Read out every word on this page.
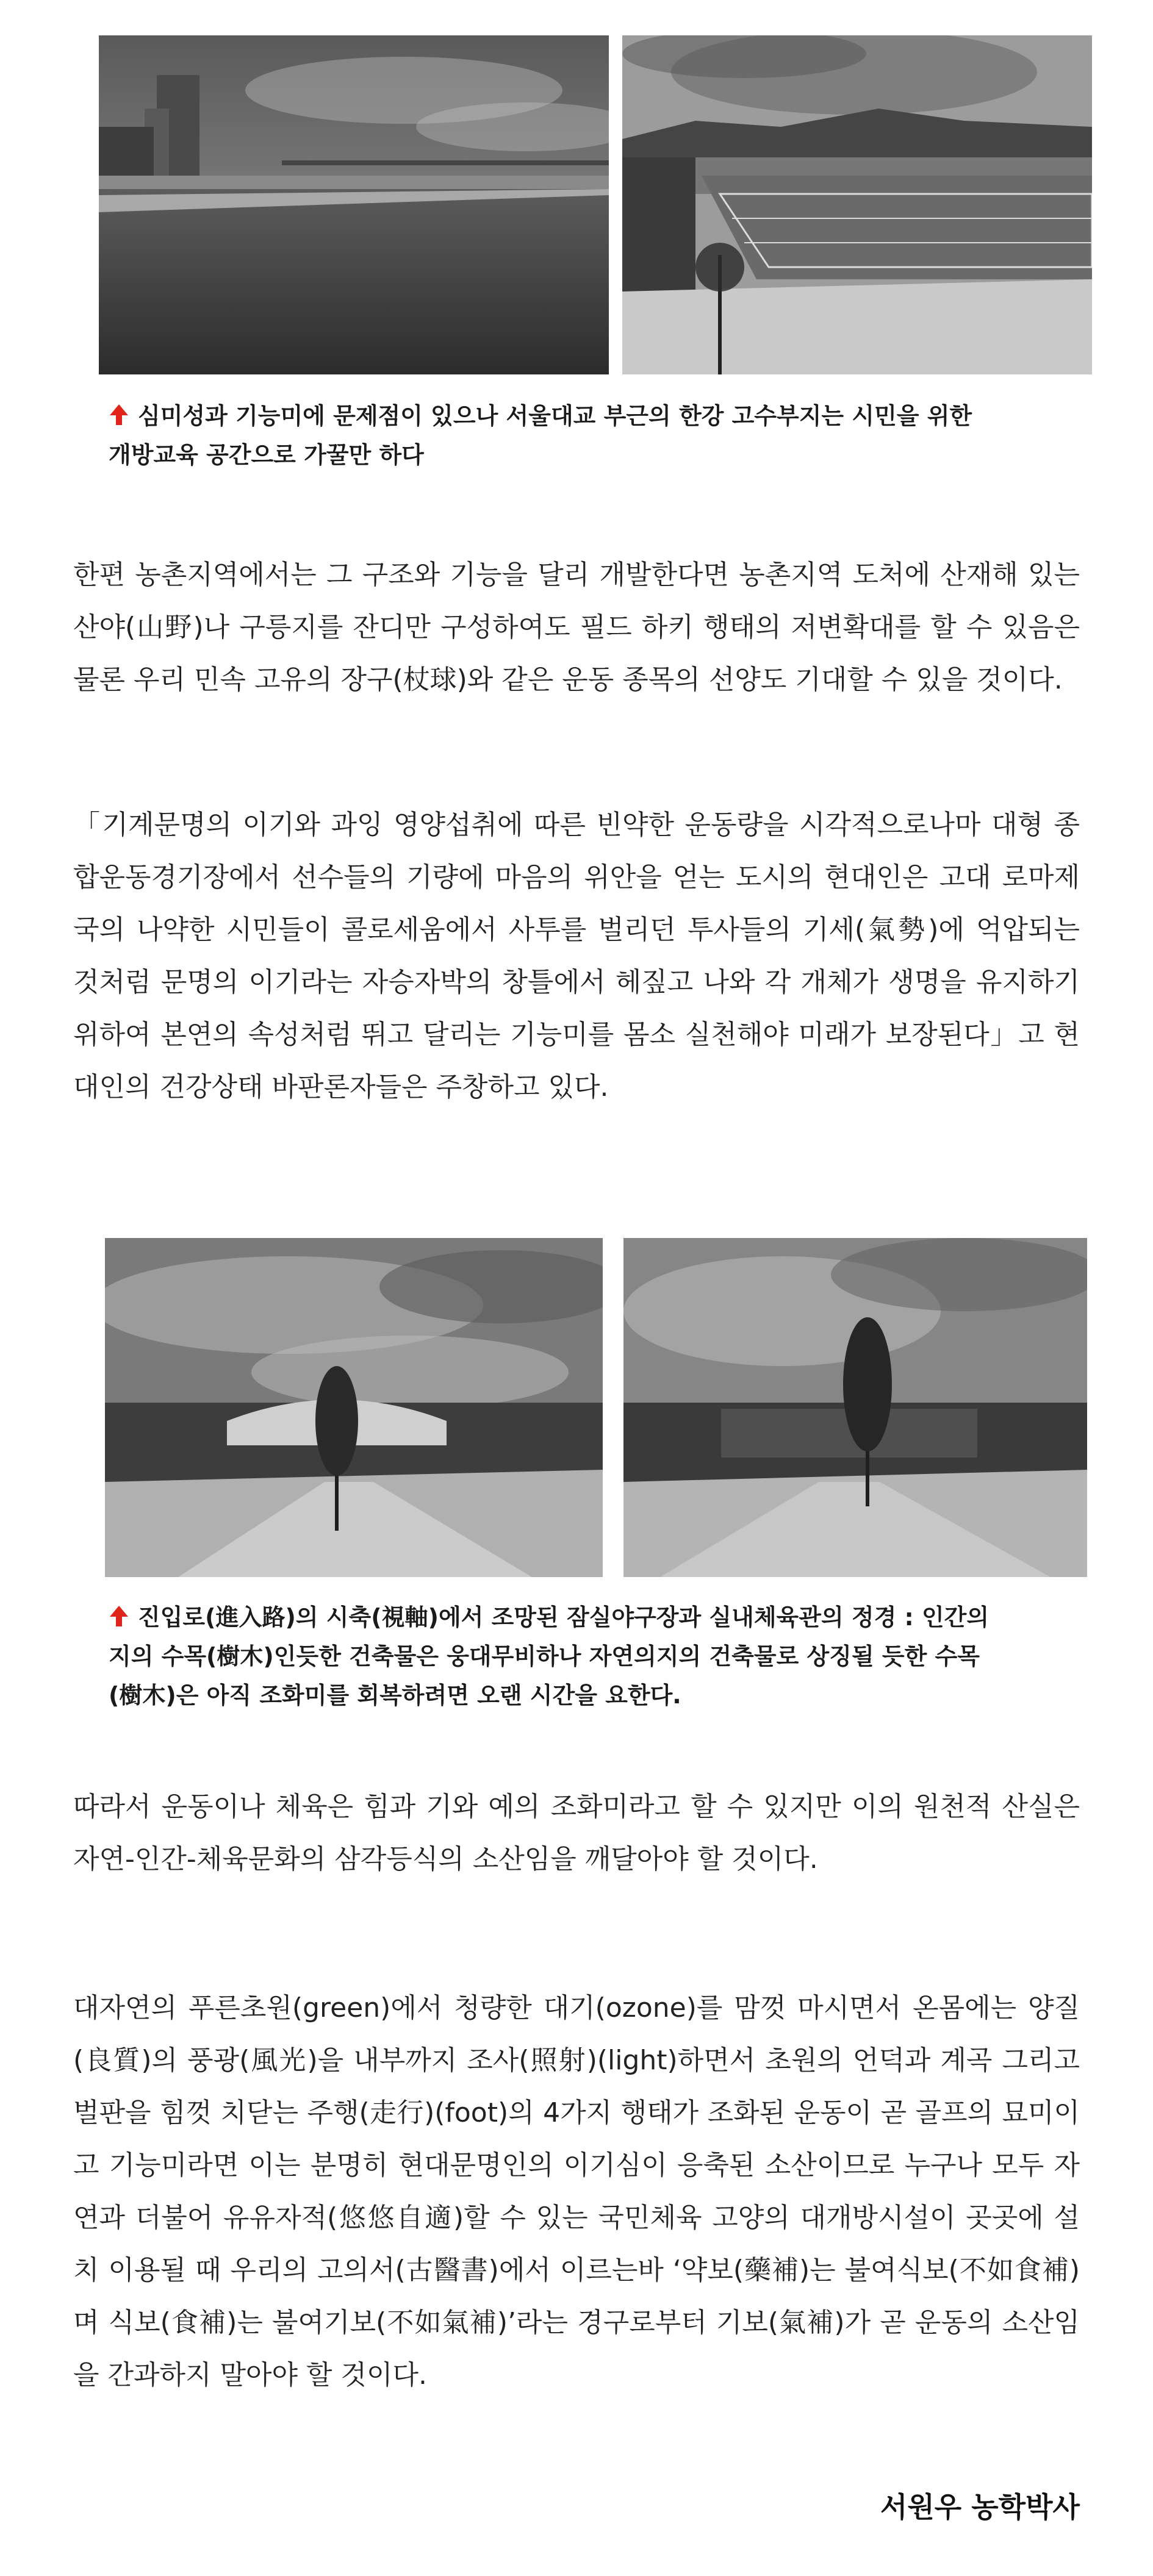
심미성과 기능미에 문제점이 있으나 서울대교 부근의 한강 고수부지는 시민을 위한
개방교육 공간으로 가꿀만 하다

한편 농촌지역에서는 그 구조와 기능을 달리 개발한다면 농촌지역 도처에 산재해 있는 산야(山野)나 구릉지를 잔디만 구성하여도 필드 하키 행태의 저변확대를 할 수 있음은 물론 우리 민속 고유의 장구(杖球)와 같은 운동 종목의 선양도 기대할 수 있을 것이다.

「기계문명의 이기와 과잉 영양섭취에 따른 빈약한 운동량을 시각적으로나마 대형 종합운동경기장에서 선수들의 기량에 마음의 위안을 얻는 도시의 현대인은 고대 로마제국의 나약한 시민들이 콜로세움에서 사투를 벌리던 투사들의 기세(氣勢)에 억압되는 것처럼 문명의 이기라는 자승자박의 창틀에서 헤짚고 나와 각 개체가 생명을 유지하기 위하여 본연의 속성처럼 뛰고 달리는 기능미를 몸소 실천해야 미래가 보장된다」고 현대인의 건강상태 바판론자들은 주창하고 있다.

진입로(進入路)의 시축(視軸)에서 조망된 잠실야구장과 실내체육관의 정경 : 인간의
지의 수목(樹木)인듯한 건축물은 웅대무비하나 자연의지의 건축물로 상징될 듯한 수목
(樹木)은 아직 조화미를 회복하려면 오랜 시간을 요한다.

따라서 운동이나 체육은 힘과 기와 예의 조화미라고 할 수 있지만 이의 원천적 산실은 자연-인간-체육문화의 삼각등식의 소산임을 깨달아야 할 것이다.

대자연의 푸른초원(green)에서 청량한 대기(ozone)를 맘껏 마시면서 온몸에는 양질(良質)의 풍광(風光)을 내부까지 조사(照射)(light)하면서 초원의 언덕과 계곡 그리고 벌판을 힘껏 치닫는 주행(走行)(foot)의 4가지 행태가 조화된 운동이 곧 골프의 묘미이고 기능미라면 이는 분명히 현대문명인의 이기심이 응축된 소산이므로 누구나 모두 자연과 더불어 유유자적(悠悠自適)할 수 있는 국민체육 고양의 대개방시설이 곳곳에 설치 이용될 때 우리의 고의서(古醫書)에서 이르는바 ‘약보(藥補)는 불여식보(不如食補)며 식보(食補)는 불여기보(不如氣補)’라는 경구로부터 기보(氣補)가 곧 운동의 소산임을 간과하지 말아야 할 것이다.

서원우 농학박사
